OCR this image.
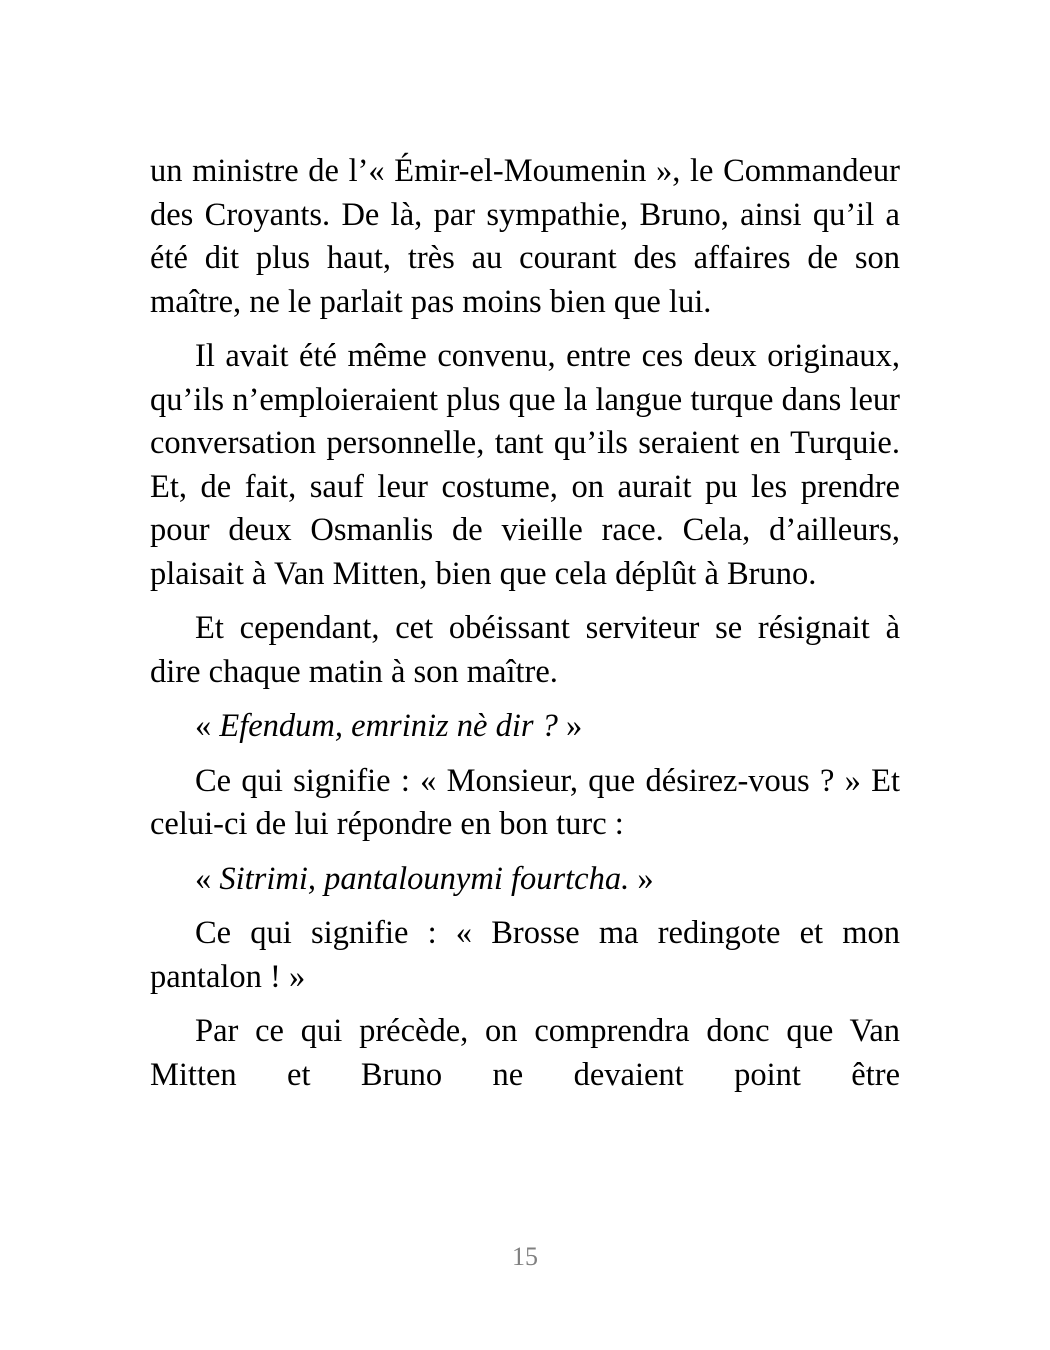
un ministre de l’« Émir-el-Moumenin », le Commandeur des Croyants. De là, par sympathie, Bruno, ainsi qu’il a été dit plus haut, très au courant des affaires de son maître, ne le parlait pas moins bien que lui.

Il avait été même convenu, entre ces deux originaux, qu’ils n’emploieraient plus que la langue turque dans leur conversation personnelle, tant qu’ils seraient en Turquie. Et, de fait, sauf leur costume, on aurait pu les prendre pour deux Osmanlis de vieille race. Cela, d’ailleurs, plaisait à Van Mitten, bien que cela déplût à Bruno.

Et cependant, cet obéissant serviteur se résignait à dire chaque matin à son maître.

« Efendum, emriniz nè dir ? »

Ce qui signifie : « Monsieur, que désirez-vous ? » Et celui-ci de lui répondre en bon turc :

« Sitrimi, pantalounymi fourtcha. »

Ce qui signifie : « Brosse ma redingote et mon pantalon ! »

Par ce qui précède, on comprendra donc que Van Mitten et Bruno ne devaient point être

15
